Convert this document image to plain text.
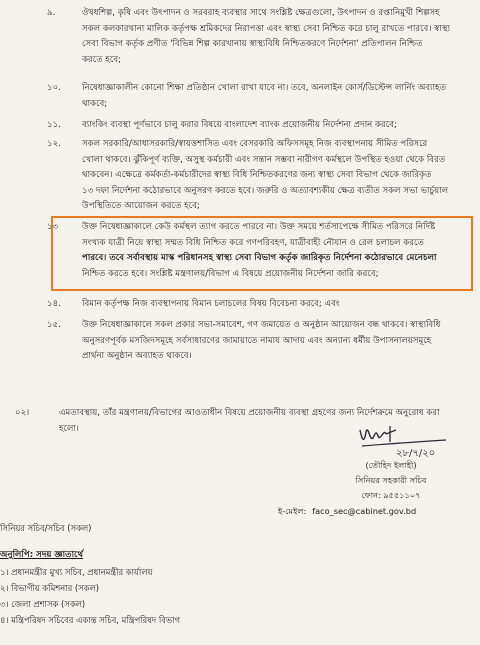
৯.	ঔষধশিল্প, কৃষি এবং উৎপাদন ও সরবরাহ ব্যবস্থার সাথে সংশ্লিষ্ট ক্ষেত্রগুলো, উৎপাদন ও রপ্তানিমুখী শিল্পসহ
সকল কলকারখানা মালিক কর্তৃপক্ষ শ্রমিকদের নিরাপত্তা এবং স্বাস্থ্য সেবা নিশ্চিত করে চালু রাখতে পারবে। স্বাস্থ্য
সেবা বিভাগ কর্তৃক প্রণীত 'বিভিন্ন শিল্প কারখানায় স্বাস্থ্যবিধি নিশ্চিতকরণে নির্দেশনা' প্রতিপালন নিশ্চিত
করতে হবে;
১০. নিষেধাজ্ঞাকালীন কোনো শিক্ষা প্রতিষ্ঠান খোলা রাখা যাবে না। তবে, অনলাইন কোর্স/ডিস্টেন্স লার্নিং অব্যাহত
থাকবে;
১১. ব্যাংকিং ব্যবস্থা পূর্ণভাবে চালু করার বিষয়ে বাংলাদেশ ব্যাংক প্রয়োজনীয় নির্দেশনা প্রদান করবে;
১২. সকল সরকারি/আধাসরকারি/স্বায়ত্তশাসিত এবং বেসরকারি অফিসসমূহ নিজ ব্যবস্থাপনায় সীমিত পরিসরে
খোলা থাকবে। ঝুঁকিপূর্ণ ব্যক্তি, অসুস্থ কর্মচারী এবং সন্তান সম্ভবা নারীগণ কর্মস্থলে উপস্থিত হওয়া থেকে বিরত
থাকবেন। এক্ষেত্রে কর্মকর্তা-কর্মচারীদের স্বাস্থ্য বিধি নিশ্চিতকরণের জন্য স্বাস্থ্য সেবা বিভাগ থেকে জারিকৃত
১৩ দফা নির্দেশনা কঠোরভাবে অনুসরণ করতে হবে। জরুরি ও অত্যাবশ্যকীয় ক্ষেত্র ব্যতীত সকল সভা ভার্চুয়াল
উপস্থিতিতে আয়োজন করতে হবে;
১৩	উক্ত নিষেধাজ্ঞাকালে কেউ কর্মস্থল ত্যাগ করতে পারবে না। উক্ত সময়ে শর্তসাপেক্ষে সীমিত পরিসরে নির্দিষ্ট
সংখ্যক যাত্রী নিয়ে স্বাস্থ্য সম্মত বিধি নিশ্চিত করে গণপরিবহণ, যাত্রীবাহী নৌযান ও রেল চলাচল করতে
পারবে। তবে সর্বাবস্থায় মাস্ক পরিধানসহ স্বাস্থ্য সেবা বিভাগ কর্তৃক জারিকৃত নির্দেশনা কঠোরভাবে মেনেচলা
নিশ্চিত করতে হবে। সংশ্লিষ্ট মন্ত্রণালয়/বিভাগ এ বিষয়ে প্রয়োজনীয় নির্দেশনা জারি করবে;
১৪. বিমান কর্তৃপক্ষ নিজ ব্যবস্থাপনায় বিমান চলাচলের বিষয় বিবেচনা করবে; এবং
১৫. উক্ত নিষেধাজ্ঞাকালে সকল প্রকার সভা-সমাবেশ, গণ জমায়েত ও অনুষ্ঠান আয়োজন বন্ধ থাকবে। স্বাস্থ্যবিধি
অনুসরণপূর্বক মসজিদসমূহে সর্বসাধারণের জামায়াতে নামায আদায় এবং অন্যান্য ধর্মীয় উপাসনালয়সমূহে
প্রার্থনা অনুষ্ঠান অব্যাহত থাকবে।
০২।	এমতাবস্থায়, তাঁর মন্ত্রণালয়/বিভাগের আওতাধীন বিষয়ে প্রয়োজনীয় ব্যবস্থা গ্রহণের জন্য নির্দেশক্রমে অনুরোধ করা
হলো।
২৮/৭/২০
(তৌহিদ ইলাহী)
সিনিয়র সহকারী সচিব
ফোন: ৯৫৫১১০৭
ই-মেইল: faco_sec@cabinet.gov.bd
সিনিয়র সচিব/সচিব (সকল)
অনুলিপি: সদয় জ্ঞাতার্থে
১। প্রধানমন্ত্রীর মুখ্য সচিব, প্রধানমন্ত্রীর কার্যালয়
২। বিভাগীয় কমিশনার (সকল)
৩। জেলা প্রশাসক (সকল)
৪। মন্ত্রিপরিষদ সচিবের একান্ত সচিব, মন্ত্রিপরিষদ বিভাগ
